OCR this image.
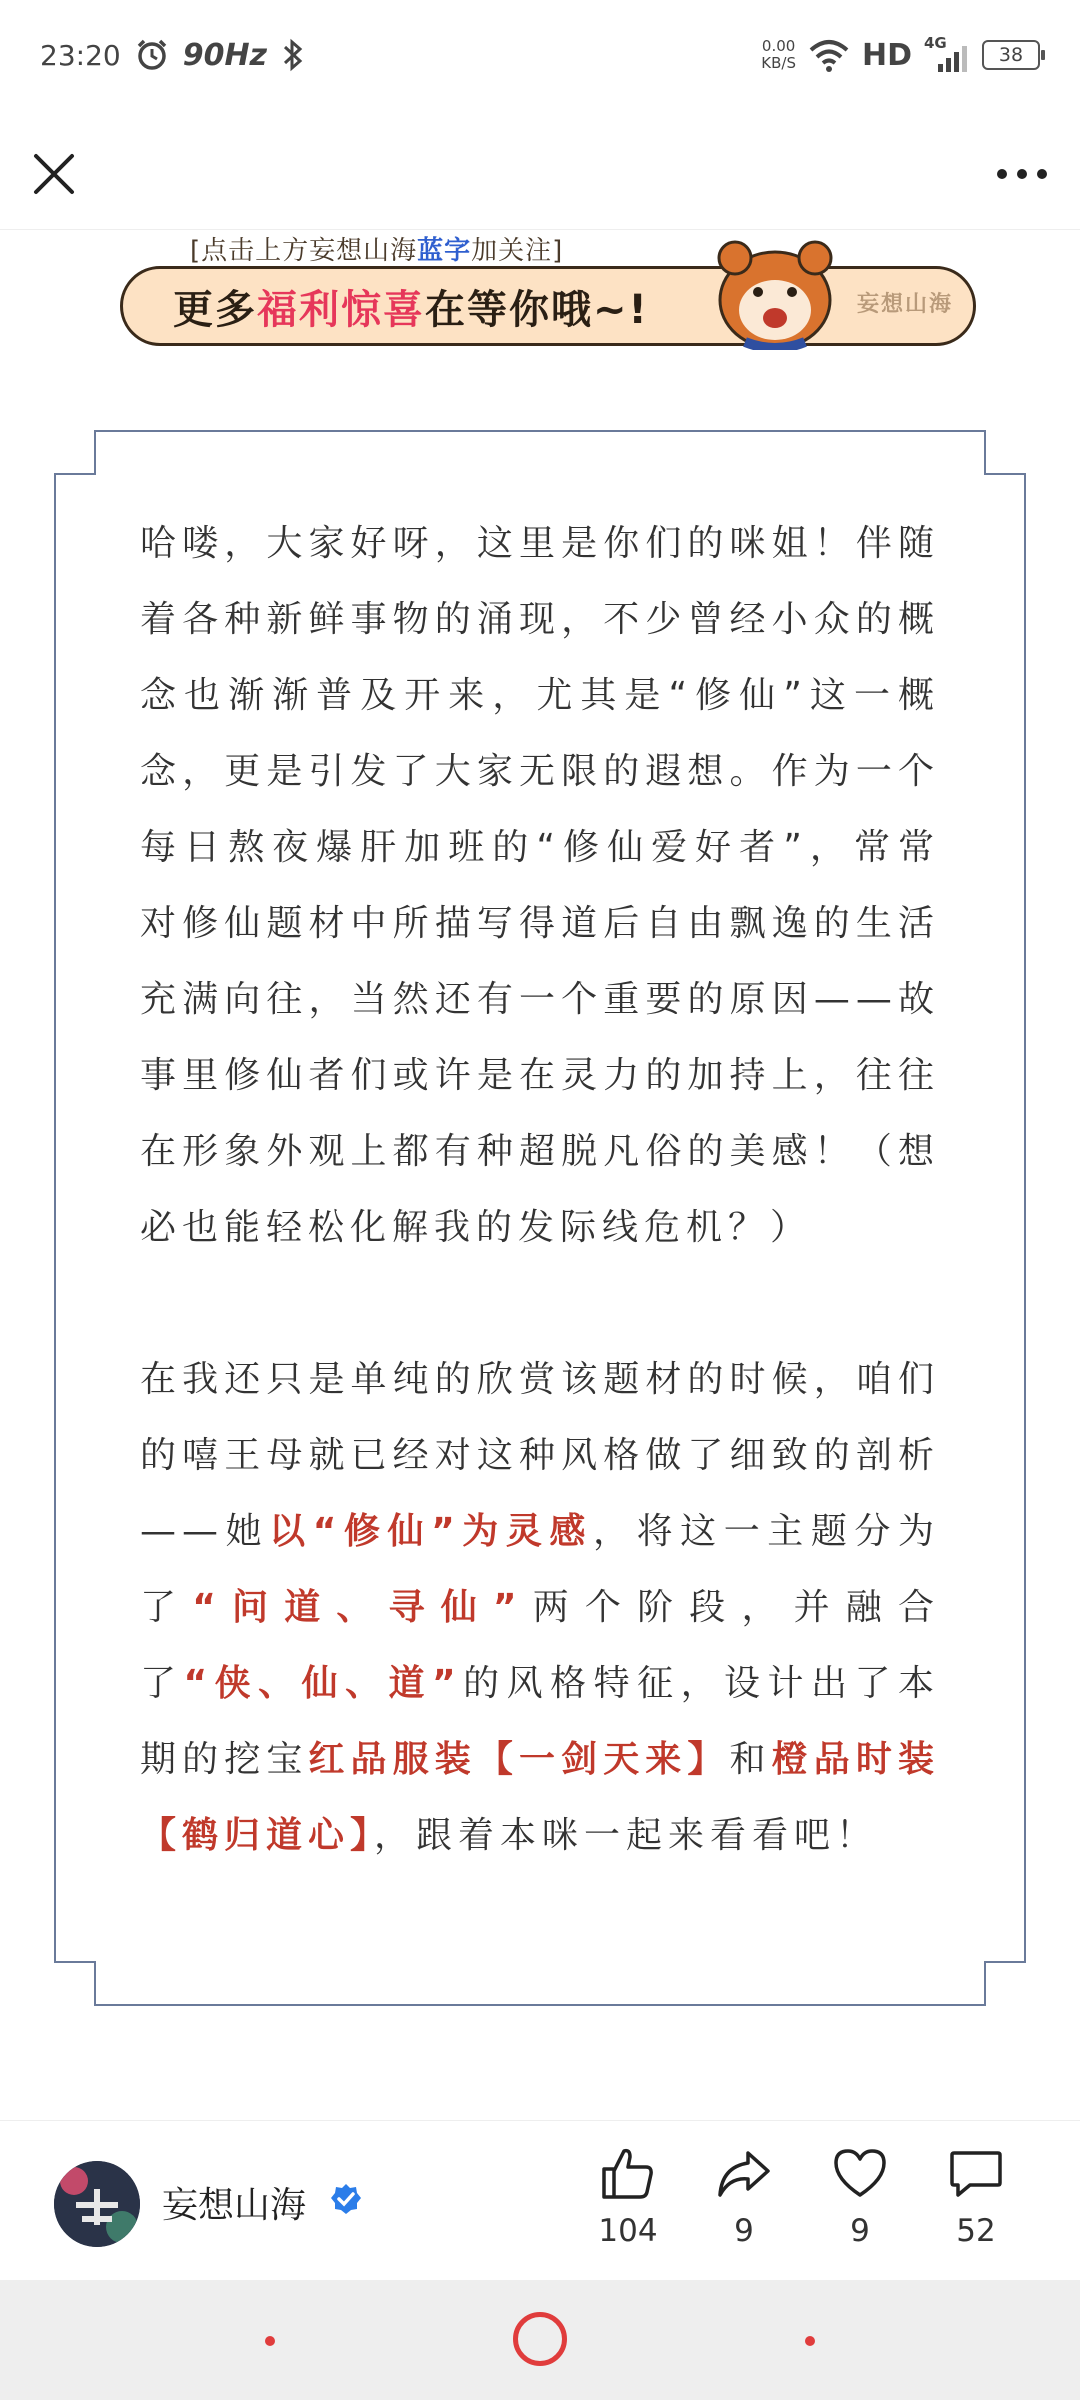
23:20 90Hz	0.00
KB/S HD 4G
38
[点击上方妄想山海蓝字加关注]
更多 福利惊喜 在等你哦~!	妄想山海

哈喽，大家好呀，这里是你们的咪姐！伴随着各种新鲜事物的涌现，不少曾经小众的概念也渐渐普及开来，尤其是“修仙”这一概念，更是引发了大家无限的遐想。作为一个每日熬夜爆肝加班的“修仙爱好者”，常常对修仙题材中所描写得道后自由飘逸的生活充满向往，当然还有一个重要的原因——故事里修仙者们或许是在灵力的加持上，往往在形象外观上都有种超脱凡俗的美感！（想必也能轻松化解我的发际线危机？）

在我还只是单纯的欣赏该题材的时候，咱们的嘻王母就已经对这种风格做了细致的剖析——她以“修仙”为灵感，将这一主题分为了“问道、寻仙”两个阶段，并融合了“侠、仙、道”的风格特征，设计出了本期的挖宝红品服装【一剑天来】和橙品时装【鹤归道心】，跟着本咪一起来看看吧！

妄想山海
104 9	9	52
